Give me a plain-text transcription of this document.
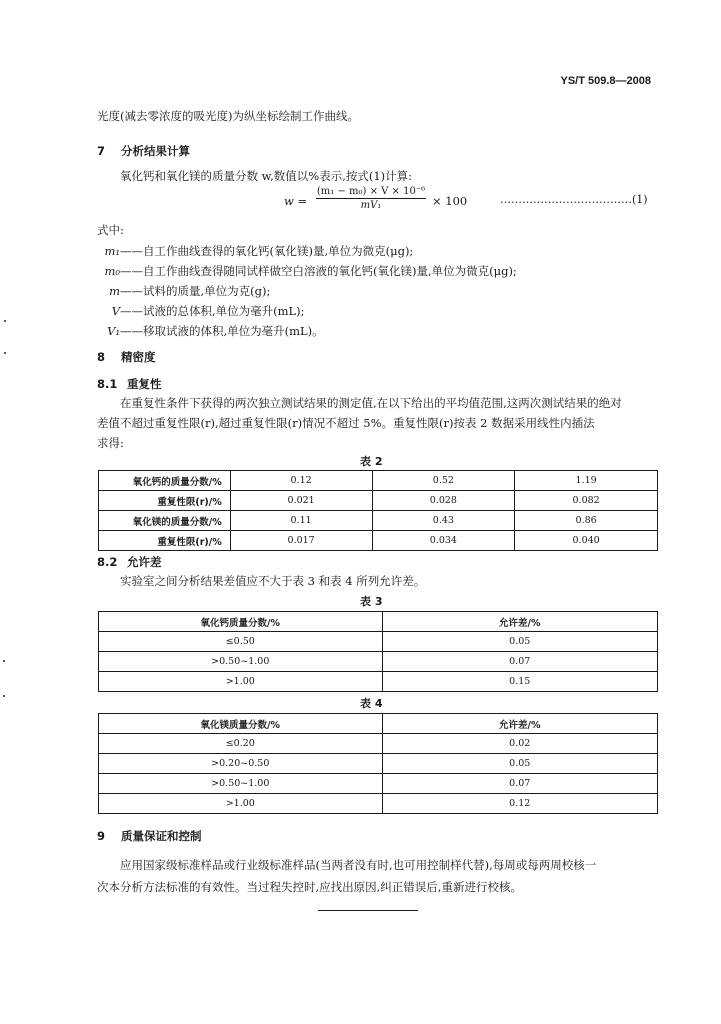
YS/T 509.8—2008
光度(减去零浓度的吸光度)为纵坐标绘制工作曲线。
7 分析结果计算
氧化钙和氧化镁的质量分数 w,数值以%表示,按式(1)计算:
$w = \frac{\text{(m₁ − m₀) × V × 10⁻⁶}}{\text{mV₁}} \times 100$	………………………………(1)
式中:
m₁——自工作曲线查得的氧化钙(氧化镁)量,单位为微克(μg);
m₀——自工作曲线查得随同试样做空白溶液的氧化钙(氧化镁)量,单位为微克(μg);
m——试料的质量,单位为克(g);
V——试液的总体积,单位为毫升(mL);
V₁——移取试液的体积,单位为毫升(mL)。
8 精密度
8.1 重复性
在重复性条件下获得的两次独立测试结果的测定值,在以下给出的平均值范围,这两次测试结果的绝对
差值不超过重复性限(r),超过重复性限(r)情况不超过 5%。重复性限(r)按表 2 数据采用线性内插法
求得:
表 2
氧化钙的质量分数/%	0.12	0.52	1.19
重复性限(r)/%	0.021	0.028	0.082
氧化镁的质量分数/%	0.11	0.43	0.86
重复性限(r)/%	0.017	0.034	0.040
8.2 允许差
实验室之间分析结果差值应不大于表 3 和表 4 所列允许差。
表 3
氧化钙质量分数/%	允许差/%
≤0.50	0.05
>0.50~1.00	0.07
>1.00	0.15
表 4
氧化镁质量分数/%	允许差/%
≤0.20	0.02
>0.20~0.50	0.05
>0.50~1.00	0.07
>1.00	0.12
9 质量保证和控制
应用国家级标准样品或行业级标准样品(当两者没有时,也可用控制样代替),每周或每两周校核一
次本分析方法标准的有效性。当过程失控时,应找出原因,纠正错误后,重新进行校核。
